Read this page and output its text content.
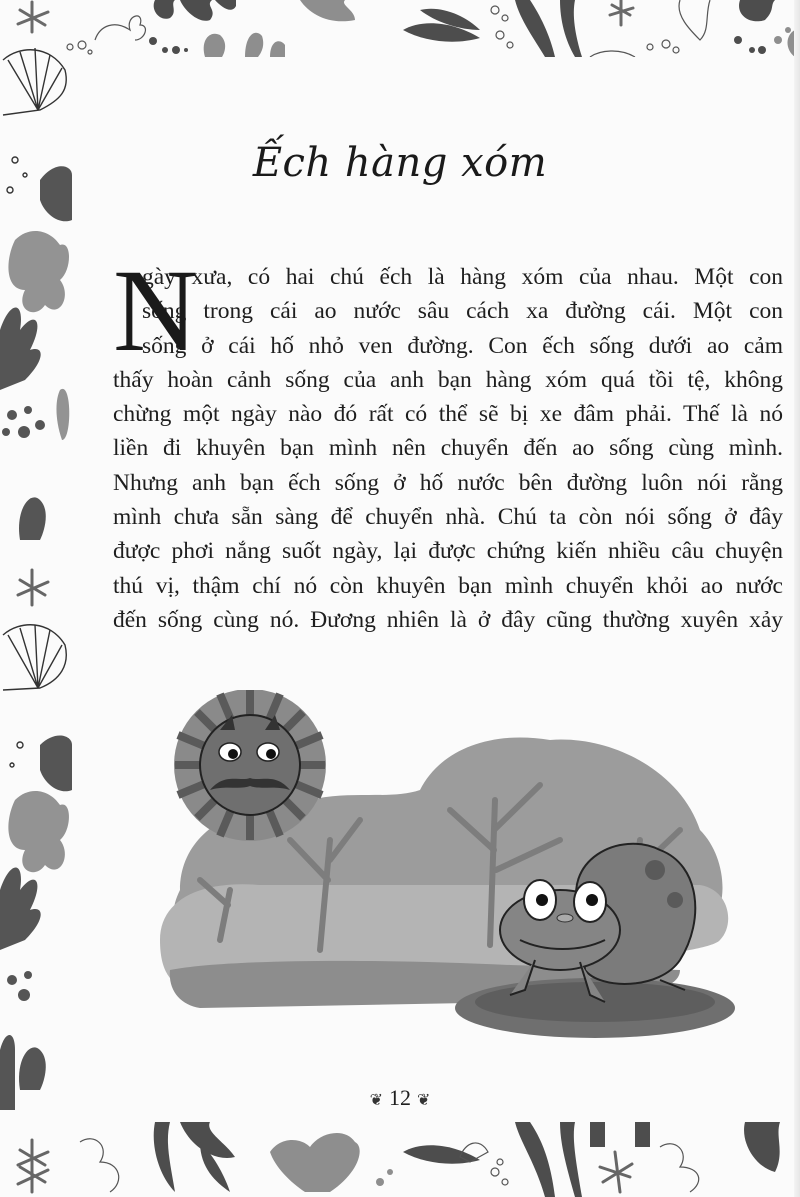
Ếch hàng xóm
N
gày xưa, có hai chú ếch là hàng xóm của nhau. Một con
sống trong cái ao nước sâu cách xa đường cái. Một con
sống ở cái hố nhỏ ven đường. Con ếch sống dưới ao cảm
thấy hoàn cảnh sống của anh bạn hàng xóm quá tồi tệ, không
chừng một ngày nào đó rất có thể sẽ bị xe đâm phải. Thế là nó
liền đi khuyên bạn mình nên chuyển đến ao sống cùng mình.
Nhưng anh bạn ếch sống ở hố nước bên đường luôn nói rằng
mình chưa sẵn sàng để chuyển nhà. Chú ta còn nói sống ở đây
được phơi nắng suốt ngày, lại được chứng kiến nhiều câu chuyện
thú vị, thậm chí nó còn khuyên bạn mình chuyển khỏi ao nước
đến sống cùng nó. Đương nhiên là ở đây cũng thường xuyên xảy
❦ 12 ❦
